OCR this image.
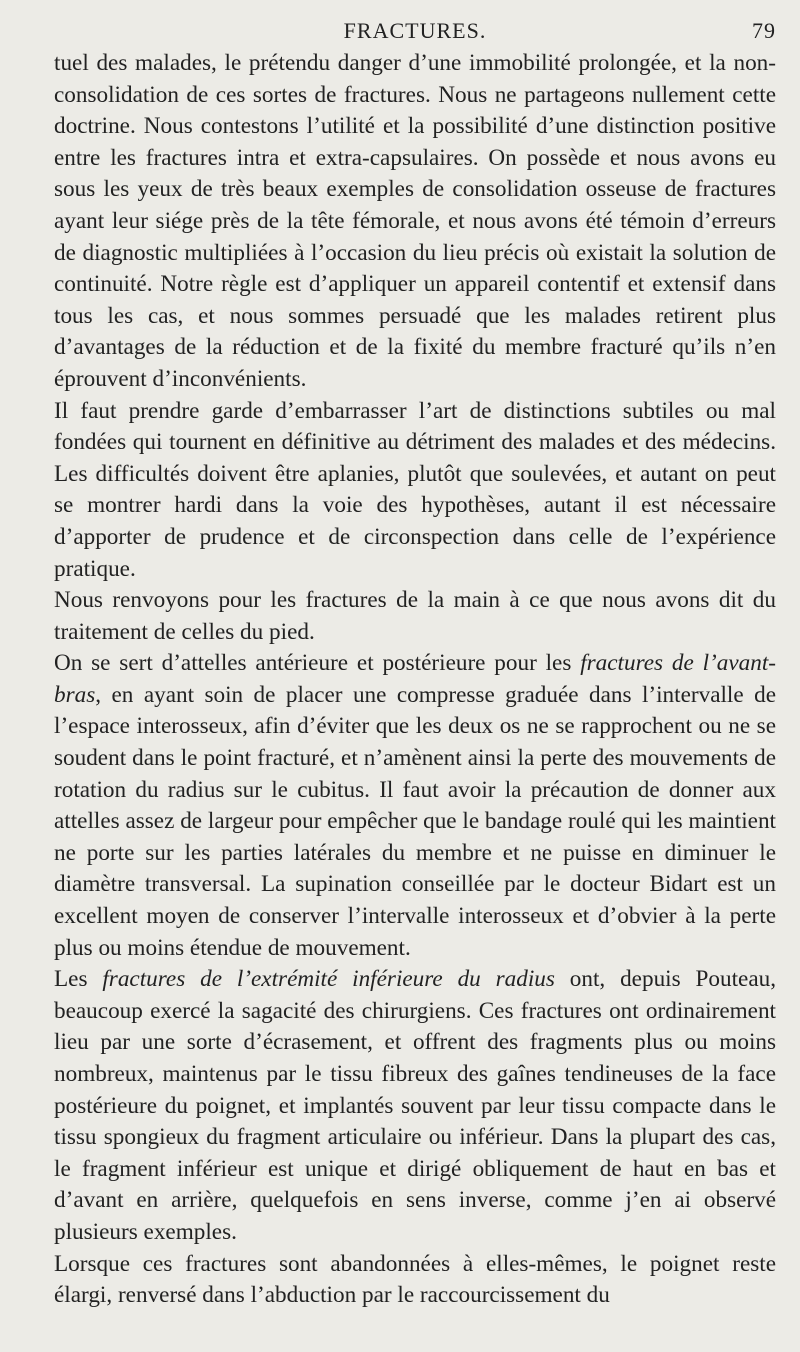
FRACTURES.	79

tuel des malades, le prétendu danger d’une immobilité prolongée, et la non-consolidation de ces sortes de fractures. Nous ne partageons nullement cette doctrine. Nous contestons l’utilité et la possibilité d’une distinction positive entre les fractures intra et extra-capsulaires. On possède et nous avons eu sous les yeux de très beaux exemples de consolidation osseuse de fractures ayant leur siége près de la tête fémorale, et nous avons été témoin d’erreurs de diagnostic multipliées à l’occasion du lieu précis où existait la solution de continuité. Notre règle est d’appliquer un appareil contentif et extensif dans tous les cas, et nous sommes persuadé que les malades retirent plus d’avantages de la réduction et de la fixité du membre fracturé qu’ils n’en éprouvent d’inconvénients.

Il faut prendre garde d’embarrasser l’art de distinctions subtiles ou mal fondées qui tournent en définitive au détriment des malades et des médecins. Les difficultés doivent être aplanies, plutôt que soulevées, et autant on peut se montrer hardi dans la voie des hypothèses, autant il est nécessaire d’apporter de prudence et de circonspection dans celle de l’expérience pratique.

Nous renvoyons pour les fractures de la main à ce que nous avons dit du traitement de celles du pied.

On se sert d’attelles antérieure et postérieure pour les fractures de l’avant-bras, en ayant soin de placer une compresse graduée dans l’intervalle de l’espace interosseux, afin d’éviter que les deux os ne se rapprochent ou ne se soudent dans le point fracturé, et n’amènent ainsi la perte des mouvements de rotation du radius sur le cubitus. Il faut avoir la précaution de donner aux attelles assez de largeur pour empêcher que le bandage roulé qui les maintient ne porte sur les parties latérales du membre et ne puisse en diminuer le diamètre transversal. La supination conseillée par le docteur Bidart est un excellent moyen de conserver l’intervalle interosseux et d’obvier à la perte plus ou moins étendue de mouvement.

Les fractures de l’extrémité inférieure du radius ont, depuis Pouteau, beaucoup exercé la sagacité des chirurgiens. Ces fractures ont ordinairement lieu par une sorte d’écrasement, et offrent des fragments plus ou moins nombreux, maintenus par le tissu fibreux des gaînes tendineuses de la face postérieure du poignet, et implantés souvent par leur tissu compacte dans le tissu spongieux du fragment articulaire ou inférieur. Dans la plupart des cas, le fragment inférieur est unique et dirigé obliquement de haut en bas et d’avant en arrière, quelquefois en sens inverse, comme j’en ai observé plusieurs exemples.

Lorsque ces fractures sont abandonnées à elles-mêmes, le poignet reste élargi, renversé dans l’abduction par le raccourcissement du
